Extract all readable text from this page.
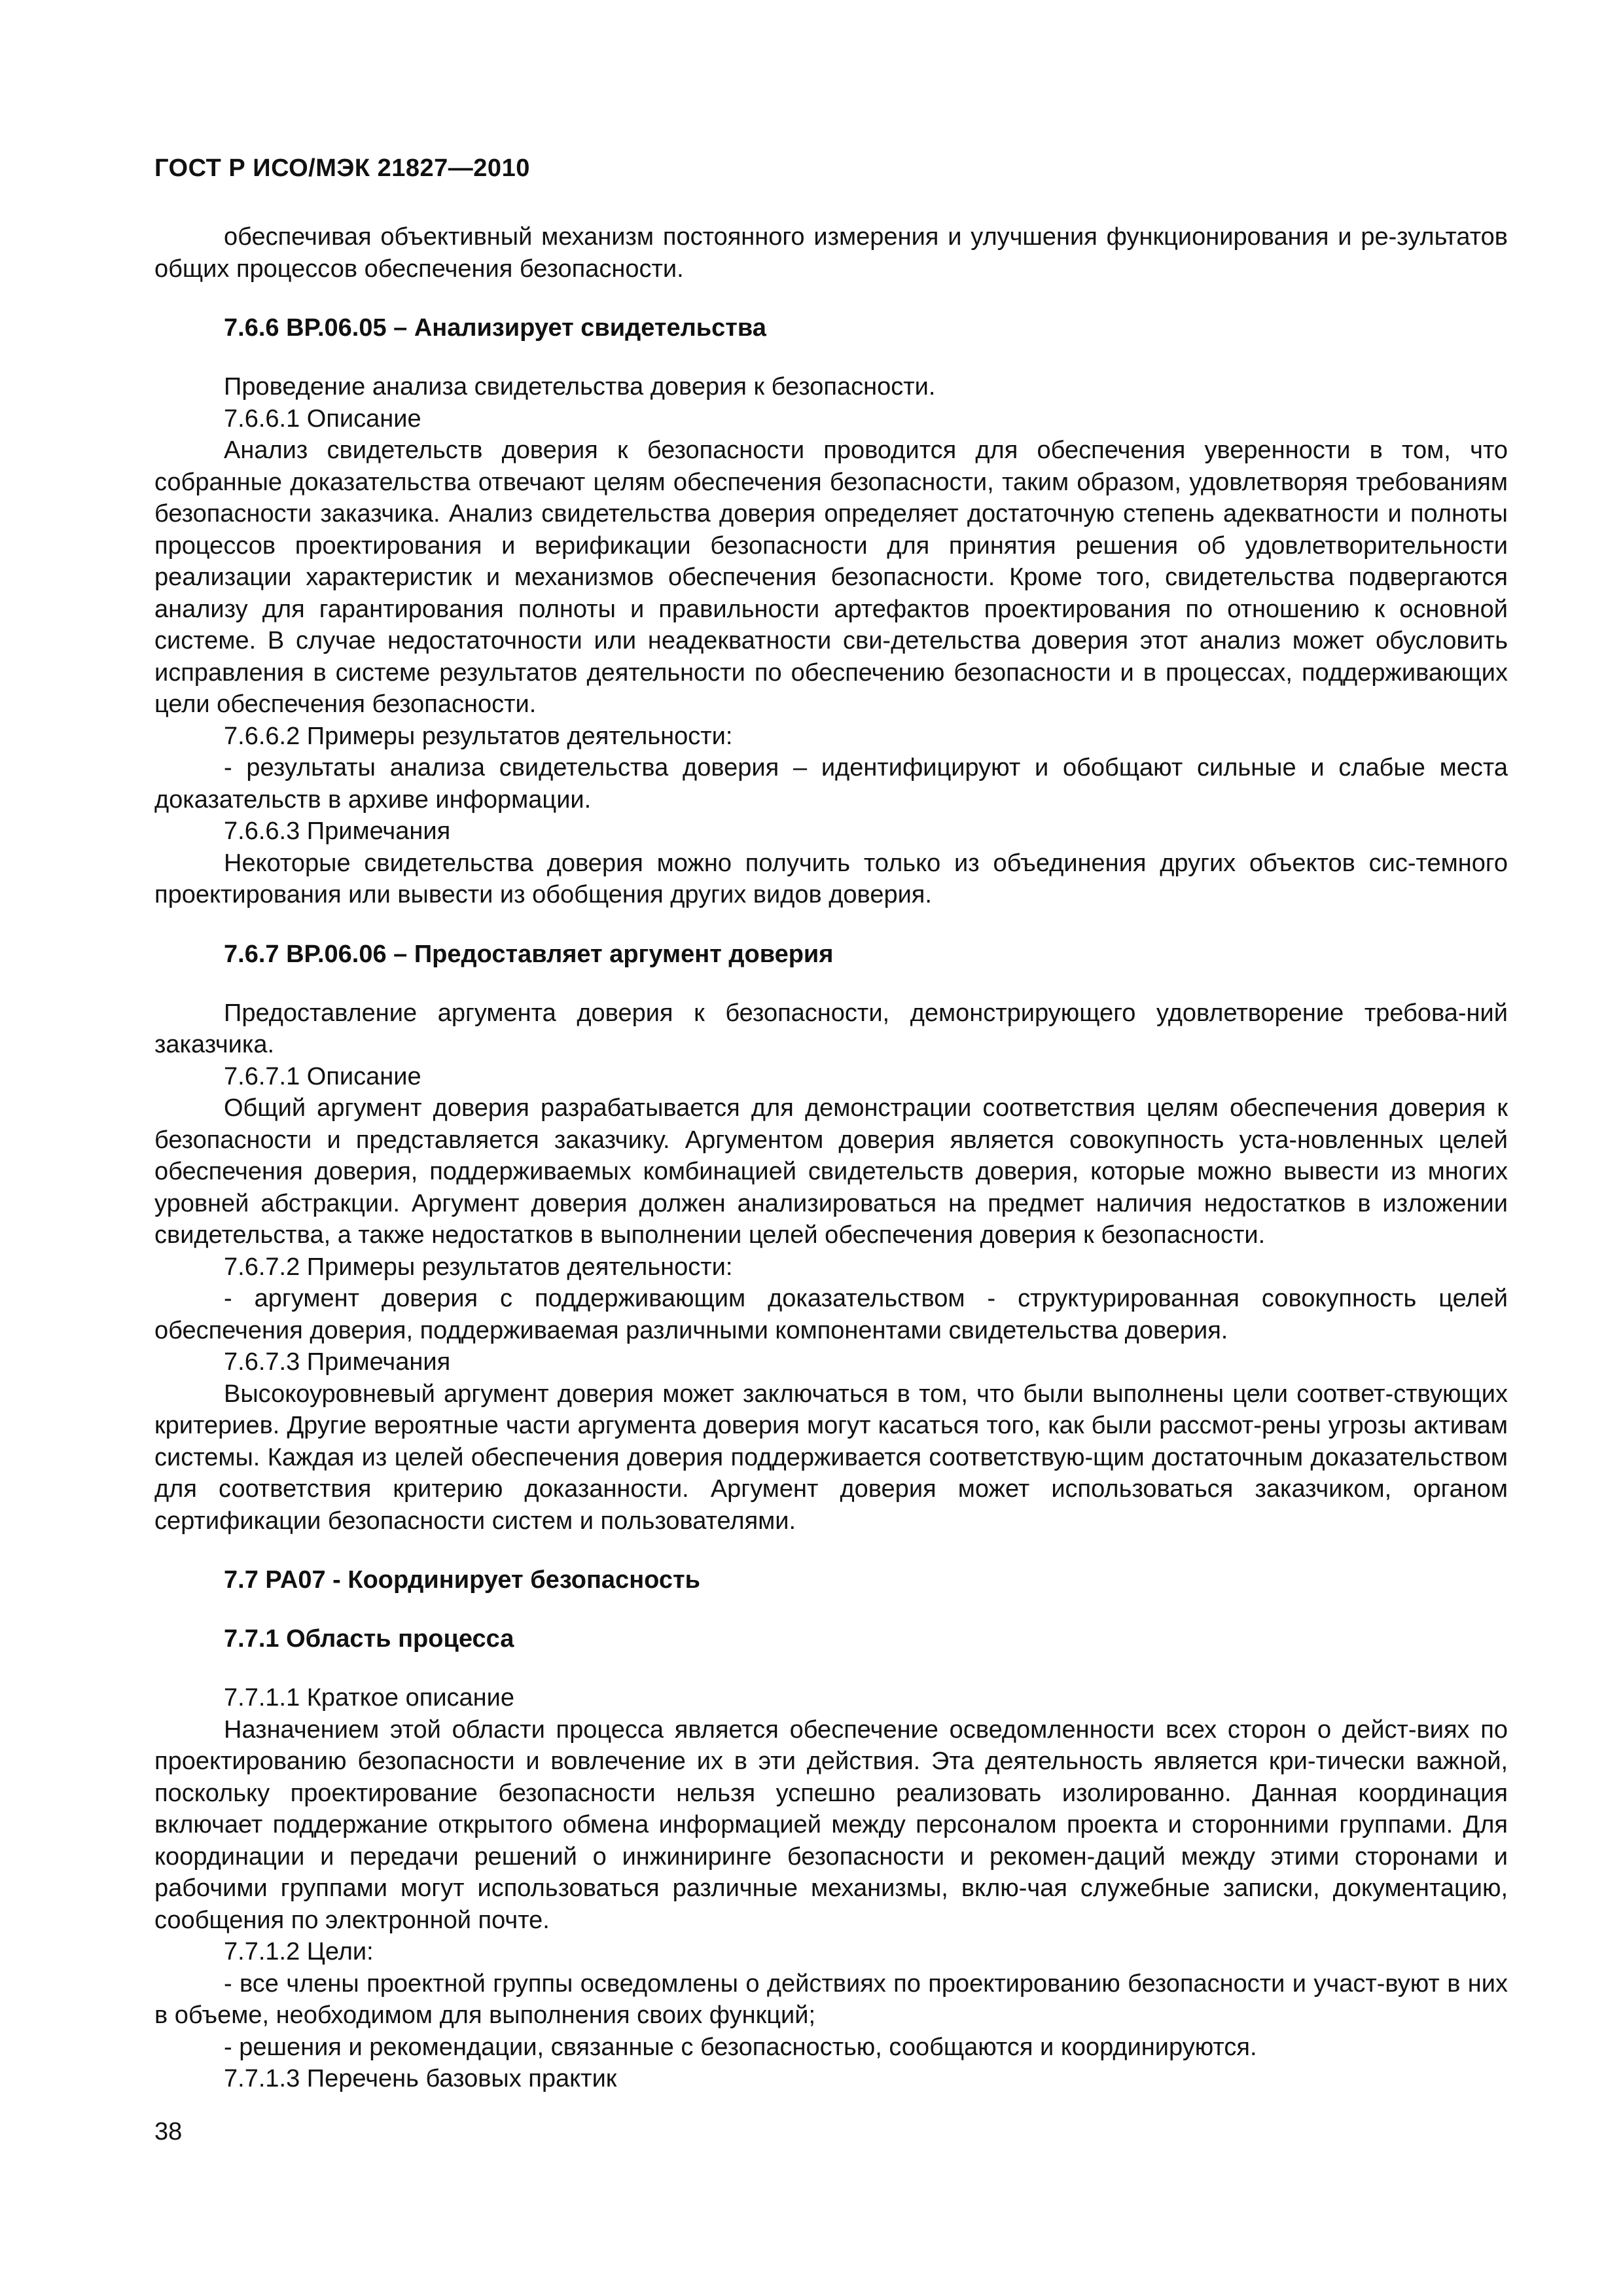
ГОСТ Р ИСО/МЭК 21827—2010

обеспечивая объективный механизм постоянного измерения и улучшения функционирования и ре-зультатов общих процессов обеспечения безопасности.

7.6.6 BP.06.05 – Анализирует свидетельства

Проведение анализа свидетельства доверия к безопасности.

7.6.6.1 Описание

Анализ свидетельств доверия к безопасности проводится для обеспечения уверенности в том, что собранные доказательства отвечают целям обеспечения безопасности, таким образом, удовлетворяя требованиям безопасности заказчика. Анализ свидетельства доверия определяет достаточную степень адекватности и полноты процессов проектирования и верификации безопасности для принятия решения об удовлетворительности реализации характеристик и механизмов обеспечения безопасности. Кроме того, свидетельства подвергаются анализу для гарантирования полноты и правильности артефактов проектирования по отношению к основной системе. В случае недостаточности или неадекватности сви-детельства доверия этот анализ может обусловить исправления в системе результатов деятельности по обеспечению безопасности и в процессах, поддерживающих цели обеспечения безопасности.

7.6.6.2 Примеры результатов деятельности:

- результаты анализа свидетельства доверия – идентифицируют и обобщают сильные и слабые места доказательств в архиве информации.

7.6.6.3 Примечания

Некоторые свидетельства доверия можно получить только из объединения других объектов сис-темного проектирования или вывести из обобщения других видов доверия.

7.6.7 BP.06.06 – Предоставляет аргумент доверия

Предоставление аргумента доверия к безопасности, демонстрирующего удовлетворение требова-ний заказчика.

7.6.7.1 Описание

Общий аргумент доверия разрабатывается для демонстрации соответствия целям обеспечения доверия к безопасности и представляется заказчику. Аргументом доверия является совокупность уста-новленных целей обеспечения доверия, поддерживаемых комбинацией свидетельств доверия, которые можно вывести из многих уровней абстракции. Аргумент доверия должен анализироваться на предмет наличия недостатков в изложении свидетельства, а также недостатков в выполнении целей обеспечения доверия к безопасности.

7.6.7.2 Примеры результатов деятельности:

- аргумент доверия с поддерживающим доказательством - структурированная совокупность целей обеспечения доверия, поддерживаемая различными компонентами свидетельства доверия.

7.6.7.3 Примечания

Высокоуровневый аргумент доверия может заключаться в том, что были выполнены цели соответ-ствующих критериев. Другие вероятные части аргумента доверия могут касаться того, как были рассмот-рены угрозы активам системы. Каждая из целей обеспечения доверия поддерживается соответствую-щим достаточным доказательством для соответствия критерию доказанности. Аргумент доверия может использоваться заказчиком, органом сертификации безопасности систем и пользователями.

7.7 PA07 - Координирует безопасность

7.7.1 Область процесса

7.7.1.1 Краткое описание

Назначением этой области процесса является обеспечение осведомленности всех сторон о дейст-виях по проектированию безопасности и вовлечение их в эти действия. Эта деятельность является кри-тически важной, поскольку проектирование безопасности нельзя успешно реализовать изолированно. Данная координация включает поддержание открытого обмена информацией между персоналом проекта и сторонними группами. Для координации и передачи решений о инжиниринге безопасности и рекомен-даций между этими сторонами и рабочими группами могут использоваться различные механизмы, вклю-чая служебные записки, документацию, сообщения по электронной почте.

7.7.1.2 Цели:

- все члены проектной группы осведомлены о действиях по проектированию безопасности и участ-вуют в них в объеме, необходимом для выполнения своих функций;

- решения и рекомендации, связанные с безопасностью, сообщаются и координируются.

7.7.1.3 Перечень базовых практик

38
